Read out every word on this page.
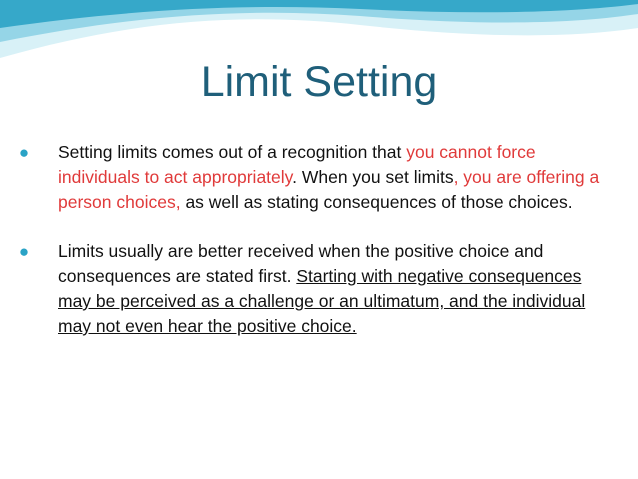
Limit Setting
● Setting limits comes out of a recognition that you cannot force individuals to act appropriately. When you set limits, you are offering a person choices, as well as stating consequences of those choices.
● Limits usually are better received when the positive choice and consequences are stated first. Starting with negative consequences may be perceived as a challenge or an ultimatum, and the individual may not even hear the positive choice.
